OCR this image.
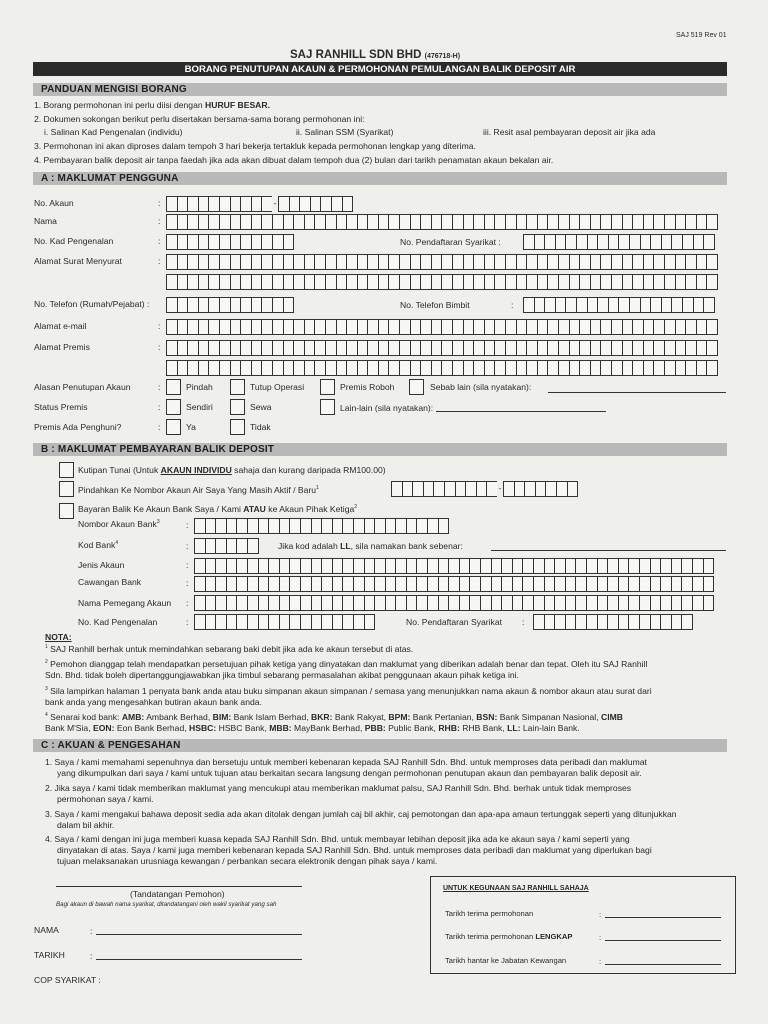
SAJ 519 Rev 01
SAJ RANHILL SDN BHD (476718-H)
BORANG PENUTUPAN AKAUN & PERMOHONAN PEMULANGAN BALIK DEPOSIT AIR
PANDUAN MENGISI BORANG
1. Borang permohonan ini perlu diisi dengan HURUF BESAR.
2. Dokumen sokongan berikut perlu disertakan bersama-sama borang permohonan ini:
i. Salinan Kad Pengenalan (individu)	ii. Salinan SSM (Syarikat)	iii. Resit asal pembayaran deposit air jika ada
3. Permohonan ini akan diproses dalam tempoh 3 hari bekerja tertakluk kepada permohonan lengkap yang diterima.
4. Pembayaran balik deposit air tanpa faedah jika ada akan dibuat dalam tempoh dua (2) bulan dari tarikh penamatan akaun bekalan air.
A : MAKLUMAT PENGGUNA
No. Akaun	:	-
Nama	:
No. Kad Pengenalan	:	No. Pendaftaran Syarikat :
Alamat Surat Menyurat	:
No. Telefon (Rumah/Pejabat) :	No. Telefon Bimbit	:
Alamat e-mail	:
Alamat Premis	:
Alasan Penutupan Akaun	:	Pindah	Tutup Operasi	Premis Roboh	Sebab lain (sila nyatakan):
Status Premis	:	Sendiri	Sewa	Lain-lain (sila nyatakan):
Premis Ada Penghuni?	:	Ya	Tidak
B : MAKLUMAT PEMBAYARAN BALIK DEPOSIT
Kutipan Tunai (Untuk AKAUN INDIVIDU sahaja dan kurang daripada RM100.00)
Pindahkan Ke Nombor Akaun Air Saya Yang Masih Aktif / Baru$^1$	-
Bayaran Balik Ke Akaun Bank Saya / Kami ATAU ke Akaun Pihak Ketiga$^2$
Nombor Akaun Bank$^3$	:
Kod Bank$^4$	:	Jika kod adalah LL, sila namakan bank sebenar:
Jenis Akaun	:
Cawangan Bank	:
Nama Pemegang Akaun :
No. Kad Pengenalan	:	No. Pendaftaran Syarikat :
NOTA:
$^1$ SAJ Ranhill berhak untuk memindahkan sebarang baki debit jika ada ke akaun tersebut di atas.
$^2$ Pemohon dianggap telah mendapatkan persetujuan pihak ketiga yang dinyatakan dan maklumat yang diberikan adalah benar dan tepat. Oleh itu SAJ Ranhill
Sdn. Bhd. tidak boleh dipertanggungjawabkan jika timbul sebarang permasalahan akibat penggunaan akaun pihak ketiga ini.
$^3$ Sila lampirkan halaman 1 penyata bank anda atau buku simpanan akaun simpanan / semasa yang menunjukkan nama akaun & nombor akaun atau surat dari
bank anda yang mengesahkan butiran akaun bank anda.
$^4$ Senarai kod bank: AMB: Ambank Berhad, BIM: Bank Islam Berhad, BKR: Bank Rakyat, BPM: Bank Pertanian, BSN: Bank Simpanan Nasional, CIMB
Bank M'Sia, EON: Eon Bank Berhad, HSBC: HSBC Bank, MBB: MayBank Berhad, PBB: Public Bank, RHB: RHB Bank, LL: Lain-lain Bank.
C : AKUAN & PENGESAHAN
1. Saya / kami memahami sepenuhnya dan bersetuju untuk memberi kebenaran kepada SAJ Ranhill Sdn. Bhd. untuk memproses data peribadi dan maklumat
yang dikumpulkan dari saya / kami untuk tujuan atau berkaitan secara langsung dengan permohonan penutupan akaun dan pembayaran balik deposit air.
2. Jika saya / kami tidak memberikan maklumat yang mencukupi atau memberikan maklumat palsu, SAJ Ranhill Sdn. Bhd. berhak untuk tidak memproses
permohonan saya / kami.
3. Saya / kami mengakui bahawa deposit sedia ada akan ditolak dengan jumlah caj bil akhir, caj pemotongan dan apa-apa amaun tertunggak seperti yang ditunjukkan
dalam bil akhir.
4. Saya / kami dengan ini juga memberi kuasa kepada SAJ Ranhill Sdn. Bhd. untuk membayar lebihan deposit jika ada ke akaun saya / kami seperti yang
dinyatakan di atas. Saya / kami juga memberi kebenaran kepada SAJ Ranhill Sdn. Bhd. untuk memproses data peribadi dan maklumat yang diperlukan bagi
tujuan melaksanakan urusniaga kewangan / perbankan secara elektronik dengan pihak saya / kami.
(Tandatangan Pemohon)
Bagi akaun di bawah nama syarikat, ditandatangani oleh wakil syarikat yang sah
NAMA	:
TARIKH	:
COP SYARIKAT :
UNTUK KEGUNAAN SAJ RANHILL SAHAJA
Tarikh terima permohonan	:
Tarikh terima permohonan LENGKAP	:
Tarikh hantar ke Jabatan Kewangan	:
